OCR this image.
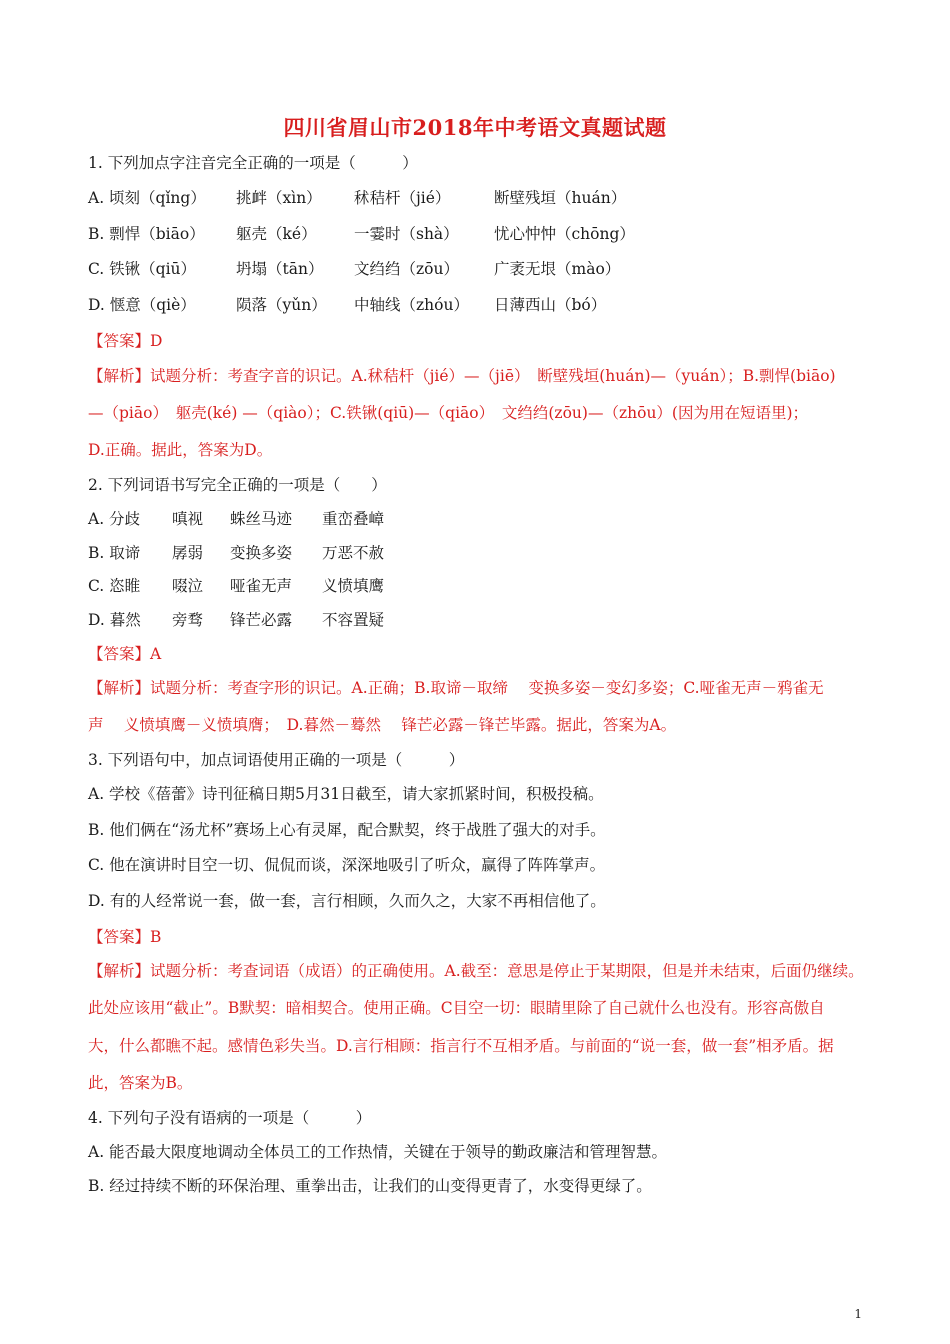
四川省眉山市2018年中考语文真题试题
1. 下列加点字注音完全正确的一项是（　　　）
A. 顷刻（qǐng）	挑衅（xìn）	秫秸杆（jié）	断壁残垣（huán）
B. 剽悍（biāo）	躯壳（ké）	一霎时（shà）	忧心忡忡（chōng）
C. 铁锹（qiū）	坍塌（tān）	文绉绉（zōu）	广袤无垠（mào）
D. 惬意（qiè）	陨落（yǔn）	中轴线（zhóu）	日薄西山（bó）
【答案】D
【解析】试题分析：考查字音的识记。A.秫秸杆（jié）—（jiē）　断壁残垣(huán)—（yuán）；B.剽悍(biāo)
—（piāo）　躯壳(ké) —（qiào）；C.铁锹(qiū)—（qiāo）　文绉绉(zōu)—（zhōu）(因为用在短语里)；
D.正确。据此，答案为D。
2. 下列词语书写完全正确的一项是（　　）
A. 分歧	嗔视	蛛丝马迹	重峦叠嶂
B. 取谛	孱弱	变换多姿	万恶不赦
C. 恣睢	啜泣	哑雀无声	义愤填鹰
D. 暮然	旁骛	锋芒必露	不容置疑
【答案】A
【解析】试题分析：考查字形的识记。A.正确；B.取谛－取缔　 变换多姿－变幻多姿；C.哑雀无声－鸦雀无
声　 义愤填鹰－义愤填膺；　D.暮然－蓦然　 锋芒必露－锋芒毕露。据此，答案为A。
3. 下列语句中，加点词语使用正确的一项是（　　　）
A. 学校《蓓蕾》诗刊征稿日期5月31日截至，请大家抓紧时间，积极投稿。
B. 他们俩在“汤尤杯”赛场上心有灵犀，配合默契，终于战胜了强大的对手。
C. 他在演讲时目空一切、侃侃而谈，深深地吸引了听众，赢得了阵阵掌声。
D. 有的人经常说一套，做一套，言行相顾，久而久之，大家不再相信他了。
【答案】B
【解析】试题分析：考查词语（成语）的正确使用。A.截至：意思是停止于某期限，但是并未结束，后面仍继续。
此处应该用“截止”。B默契：暗相契合。使用正确。C目空一切：眼睛里除了自己就什么也没有。形容高傲自
大，什么都瞧不起。感情色彩失当。D.言行相顾：指言行不互相矛盾。与前面的“说一套，做一套”相矛盾。据
此，答案为B。
4. 下列句子没有语病的一项是（　　　）
A. 能否最大限度地调动全体员工的工作热情，关键在于领导的勤政廉洁和管理智慧。
B. 经过持续不断的环保治理、重拳出击，让我们的山变得更青了，水变得更绿了。
1
